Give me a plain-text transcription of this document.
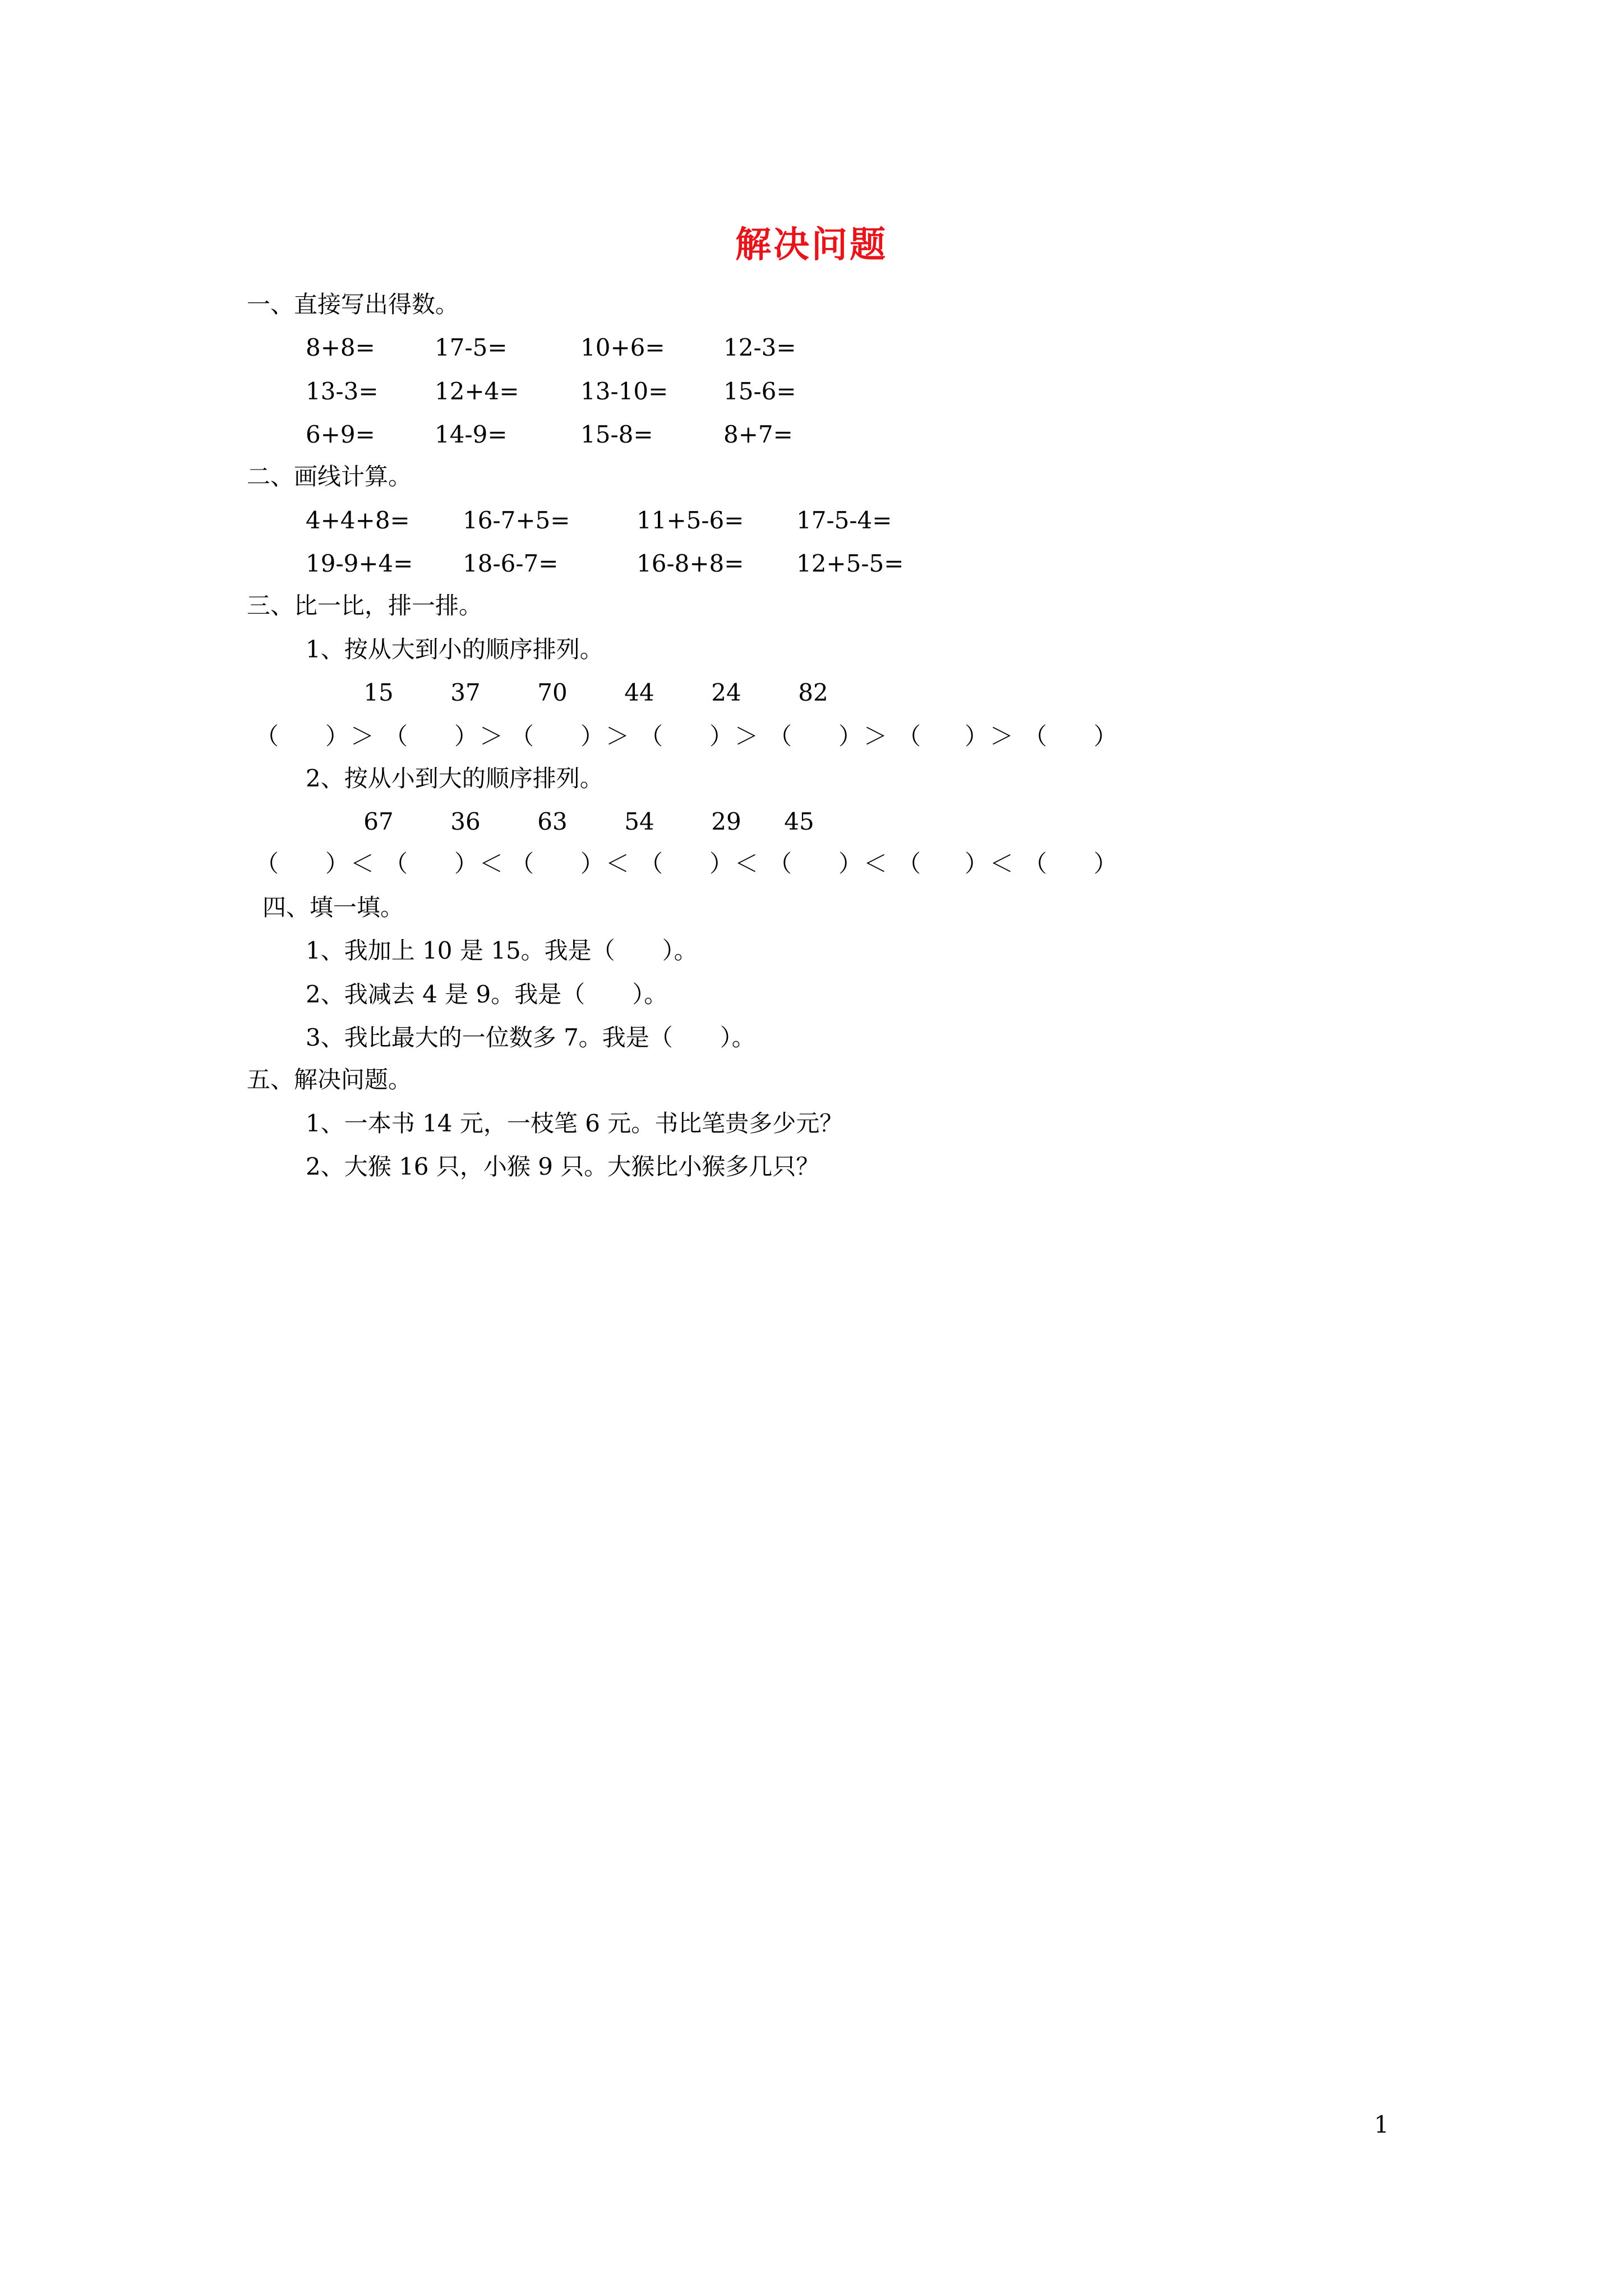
解决问题
一、直接写出得数。
8+8=	17-5=	10+6= 12-3=
13-3= 12+4=	13-10= 15-6=
6+9=	14-9=	15-8=	8+7=
二、画线计算。
4+4+8= 16-7+5=	11+5-6= 17-5-4=
19-9+4= 18-6-7=	16-8+8= 12+5-5=
三、比一比，排一排。
1、按从大到小的顺序排列。
15	37	70	44	24	82
（ ） ＞ （ ） ＞ （ ） ＞ （ ） ＞ （ ） ＞ （ ） ＞ （ ）
2、按从小到大的顺序排列。
67	36	63	54	29	45
（ ） ＜ （ ） ＜ （ ） ＜ （ ） ＜ （ ） ＜ （ ） ＜ （ ）
四、填一填。
1、我加上 10 是 15。我是（　　）。
2、我减去 4 是 9。我是（　　）。
3、我比最大的一位数多 7。我是（　　）。
五、解决问题。
1、一本书 14 元，一枝笔 6 元。书比笔贵多少元？
2、大猴 16 只，小猴 9 只。大猴比小猴多几只？
1
